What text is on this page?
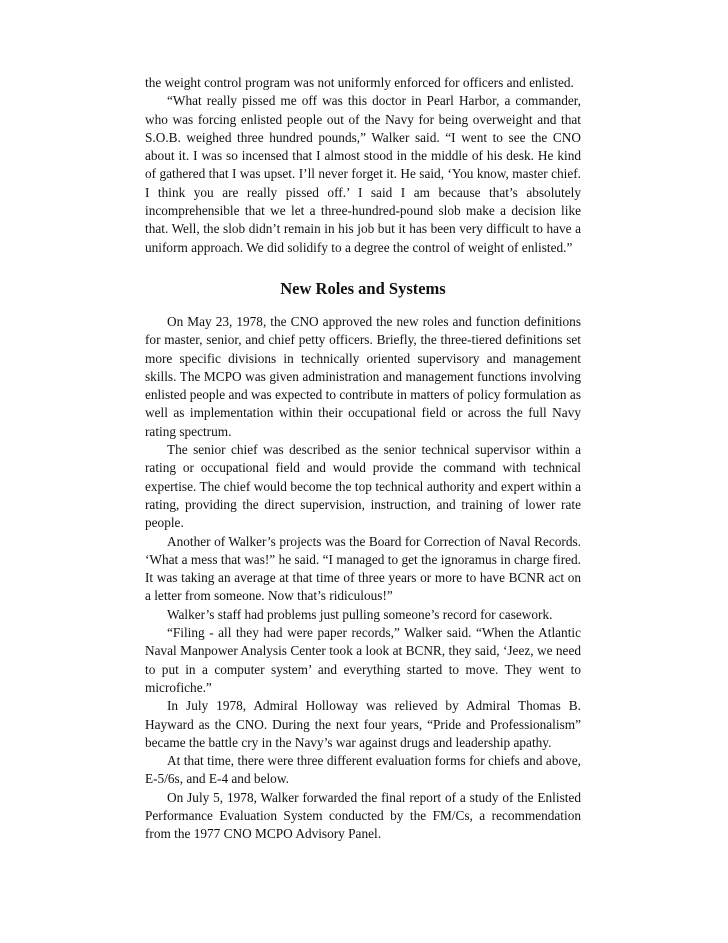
the weight control program was not uniformly enforced for officers and enlisted.

“What really pissed me off was this doctor in Pearl Harbor, a commander, who was forcing enlisted people out of the Navy for being overweight and that S.O.B. weighed three hundred pounds,” Walker said. “I went to see the CNO about it. I was so incensed that I almost stood in the middle of his desk. He kind of gathered that I was upset. I’ll never forget it. He said, ‘You know, master chief. I think you are really pissed off.’ I said I am because that’s absolutely incomprehensible that we let a three-hundred-pound slob make a decision like that. Well, the slob didn’t remain in his job but it has been very difficult to have a uniform approach. We did solidify to a degree the control of weight of enlisted.”

New Roles and Systems

On May 23, 1978, the CNO approved the new roles and function definitions for master, senior, and chief petty officers. Briefly, the three-tiered definitions set more specific divisions in technically oriented supervisory and management skills. The MCPO was given administration and management functions involving enlisted people and was expected to contribute in matters of policy formulation as well as implementation within their occupational field or across the full Navy rating spectrum.

The senior chief was described as the senior technical supervisor within a rating or occupational field and would provide the command with technical expertise. The chief would become the top technical authority and expert within a rating, providing the direct supervision, instruction, and training of lower rate people.

Another of Walker’s projects was the Board for Correction of Naval Records. ‘What a mess that was!” he said. “I managed to get the ignoramus in charge fired. It was taking an average at that time of three years or more to have BCNR act on a letter from someone. Now that’s ridiculous!”

Walker’s staff had problems just pulling someone’s record for casework.

“Filing - all they had were paper records,” Walker said. “When the Atlantic Naval Manpower Analysis Center took a look at BCNR, they said, ‘Jeez, we need to put in a computer system’ and everything started to move. They went to microfiche.”

In July 1978, Admiral Holloway was relieved by Admiral Thomas B. Hayward as the CNO. During the next four years, “Pride and Professionalism” became the battle cry in the Navy’s war against drugs and leadership apathy.

At that time, there were three different evaluation forms for chiefs and above, E-5/6s, and E-4 and below.

On July 5, 1978, Walker forwarded the final report of a study of the Enlisted Performance Evaluation System conducted by the FM/Cs, a recommendation from the 1977 CNO MCPO Advisory Panel.
